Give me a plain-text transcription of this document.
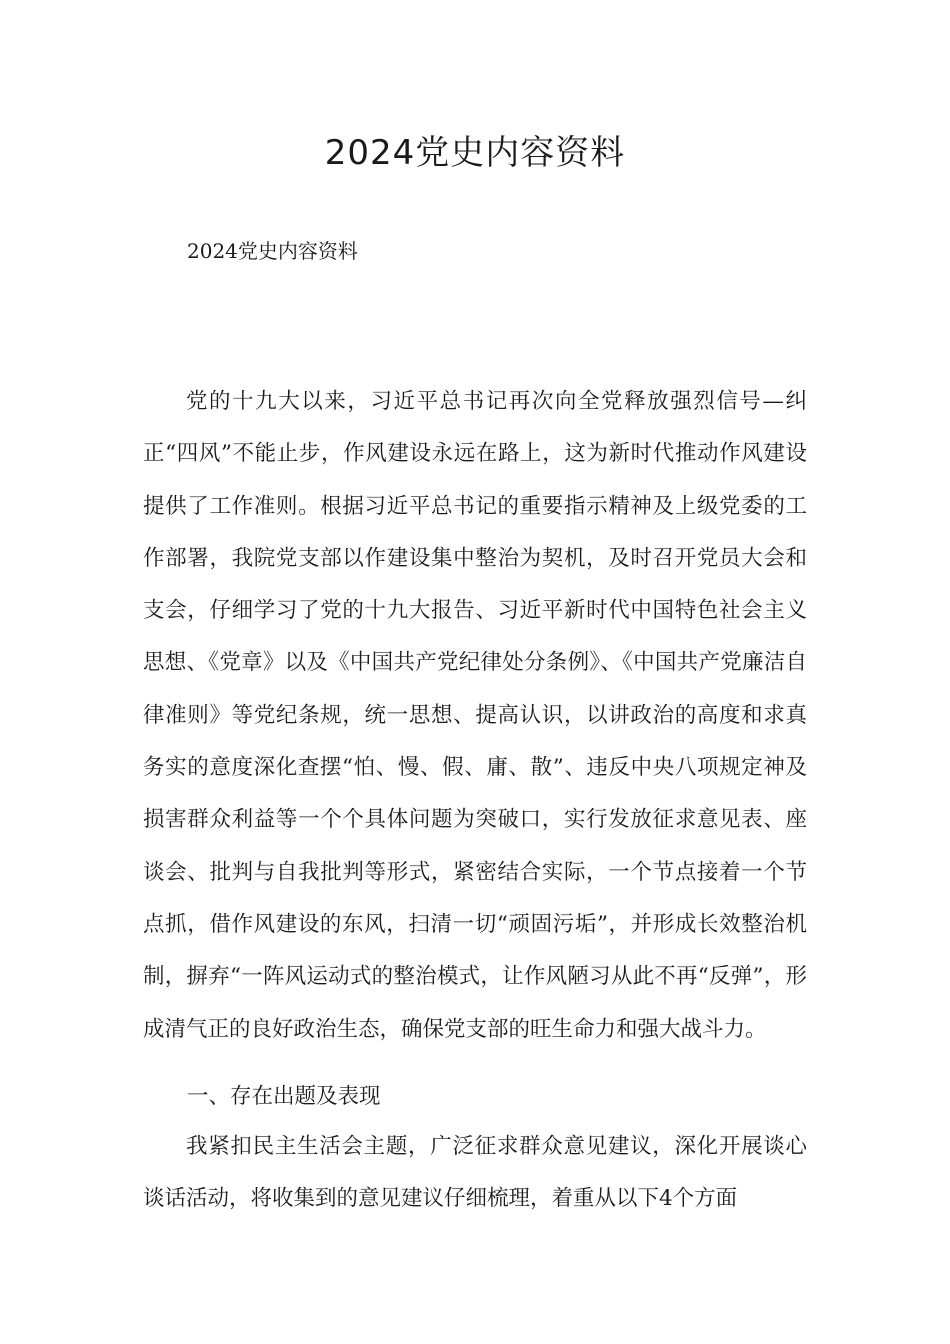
2024党史内容资料

2024党史内容资料

党的十九大以来，习近平总书记再次向全党释放强烈信号—纠正“四风”不能止步，作风建设永远在路上，这为新时代推动作风建设提供了工作准则。根据习近平总书记的重要指示精神及上级党委的工作部署，我院党支部以作建设集中整治为契机，及时召开党员大会和支会，仔细学习了党的十九大报告、习近平新时代中国特色社会主义思想、《党章》以及《中国共产党纪律处分条例》、《中国共产党廉洁自律准则》等党纪条规，统一思想、提高认识，以讲政治的高度和求真务实的意度深化查摆“怕、慢、假、庸、散”、违反中央八项规定神及损害群众利益等一个个具体问题为突破口，实行发放征求意见表、座谈会、批判与自我批判等形式，紧密结合实际，一个节点接着一个节点抓，借作风建设的东风，扫清一切“顽固污垢”，并形成长效整治机制，摒弃“一阵风运动式的整治模式，让作风陋习从此不再“反弹”，形成清气正的良好政治生态，确保党支部的旺生命力和强大战斗力。

一、存在出题及表现

我紧扣民主生活会主题，广泛征求群众意见建议，深化开展谈心谈话活动，将收集到的意见建议仔细梳理，着重从以下4个方面
